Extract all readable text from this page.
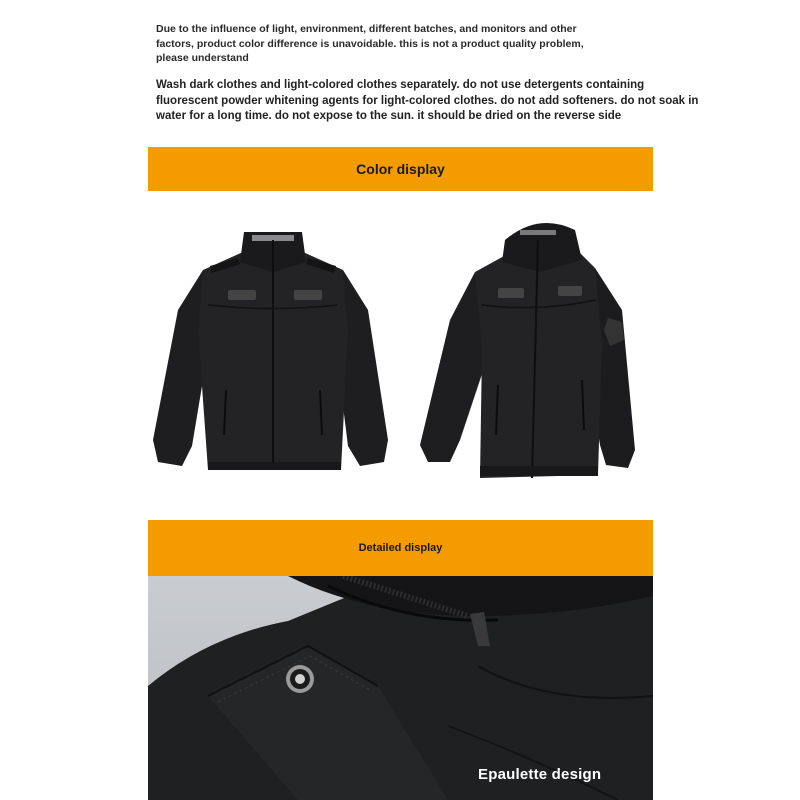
Due to the influence of light, environment, different batches, and monitors and other factors, product color difference is unavoidable. this is not a product quality problem, please understand
Wash dark clothes and light-colored clothes separately. do not use detergents containing fluorescent powder whitening agents for light-colored clothes. do not add softeners. do not soak in water for a long time. do not expose to the sun. it should be dried on the reverse side
Color display
Detailed display
Epaulette design
